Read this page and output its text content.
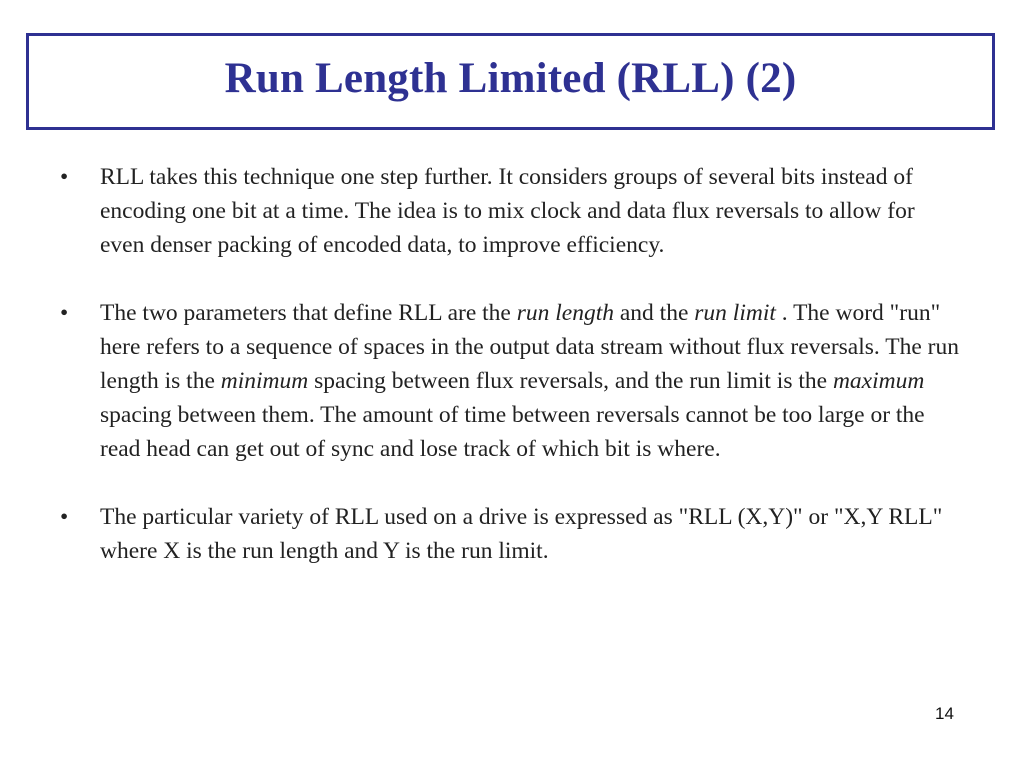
Run Length Limited (RLL) (2)
•	RLL takes this technique one step further. It considers groups of several bits instead of encoding one bit at a time. The idea is to mix clock and data flux reversals to allow for even denser packing of encoded data, to improve efficiency.
•	The two parameters that define RLL are the run length and the run limit . The word "run" here refers to a sequence of spaces in the output data stream without flux reversals. The run length is the minimum spacing between flux reversals, and the run limit is the maximum spacing between them. The amount of time between reversals cannot be too large or the read head can get out of sync and lose track of which bit is where.
•	The particular variety of RLL used on a drive is expressed as "RLL (X,Y)" or "X,Y RLL" where X is the run length and Y is the run limit.
14
